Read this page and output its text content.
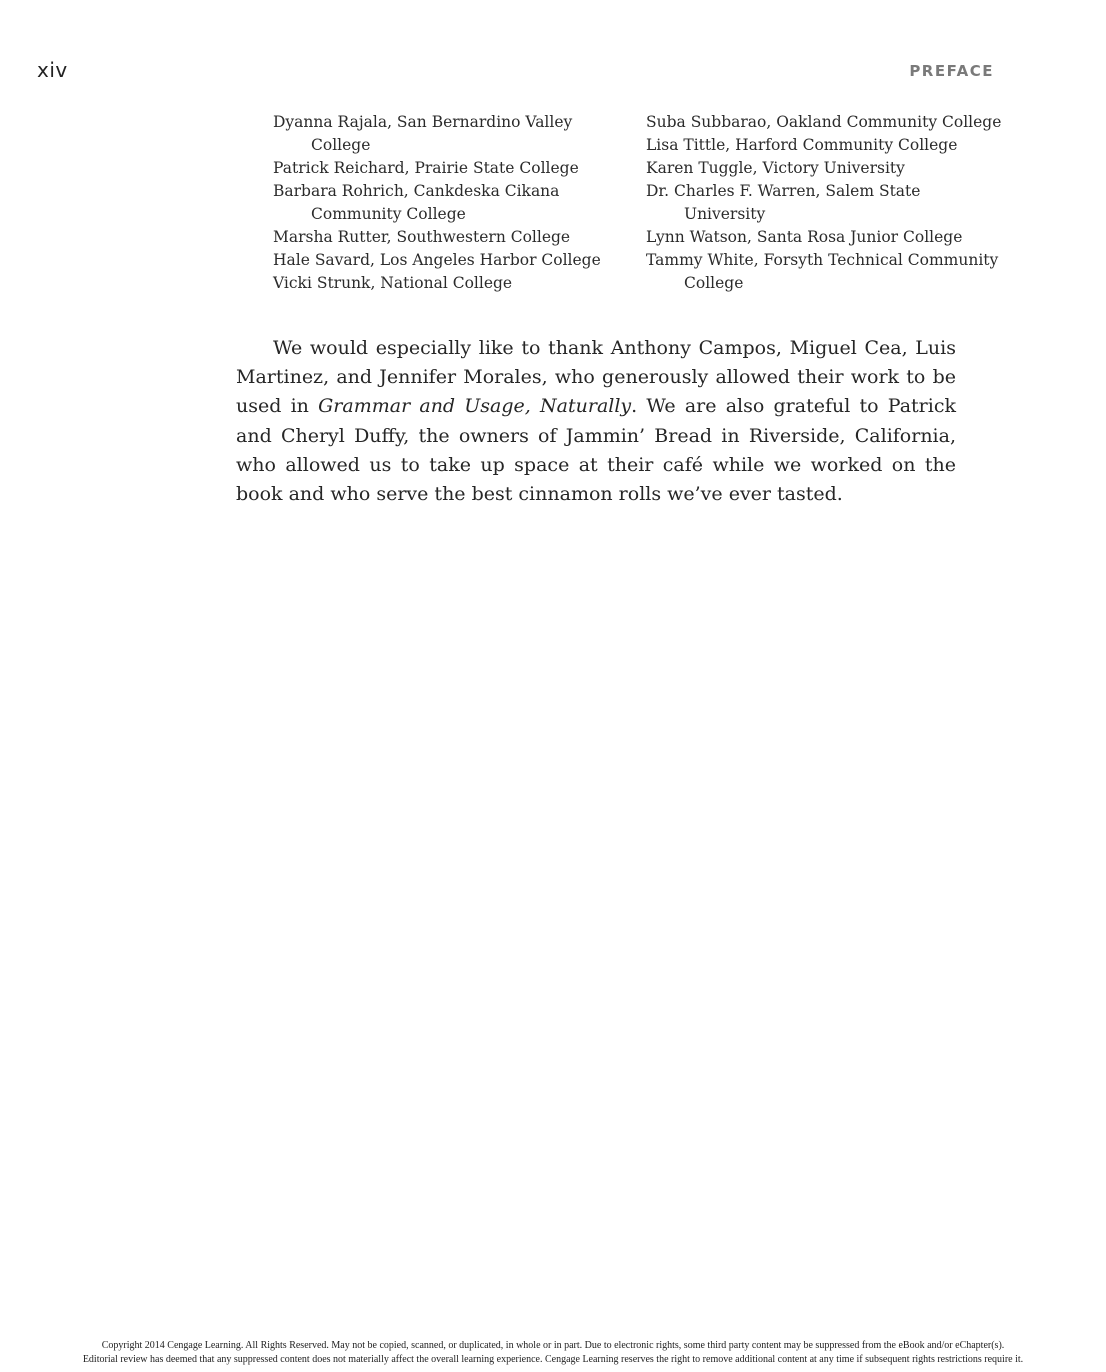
xiv	PREFACE
Dyanna Rajala, San Bernardino Valley College
Patrick Reichard, Prairie State College
Barbara Rohrich, Cankdeska Cikana Community College
Marsha Rutter, Southwestern College
Hale Savard, Los Angeles Harbor College
Vicki Strunk, National College
Suba Subbarao, Oakland Community College
Lisa Tittle, Harford Community College
Karen Tuggle, Victory University
Dr. Charles F. Warren, Salem State University
Lynn Watson, Santa Rosa Junior College
Tammy White, Forsyth Technical Community College

We would especially like to thank Anthony Campos, Miguel Cea, Luis Martinez, and Jennifer Morales, who generously allowed their work to be used in Grammar and Usage, Naturally. We are also grateful to Patrick and Cheryl Duffy, the owners of Jammin’ Bread in Riverside, California, who allowed us to take up space at their café while we worked on the book and who serve the best cinnamon rolls we’ve ever tasted.

Copyright 2014 Cengage Learning. All Rights Reserved. May not be copied, scanned, or duplicated, in whole or in part. Due to electronic rights, some third party content may be suppressed from the eBook and/or eChapter(s).
Editorial review has deemed that any suppressed content does not materially affect the overall learning experience. Cengage Learning reserves the right to remove additional content at any time if subsequent rights restrictions require it.
